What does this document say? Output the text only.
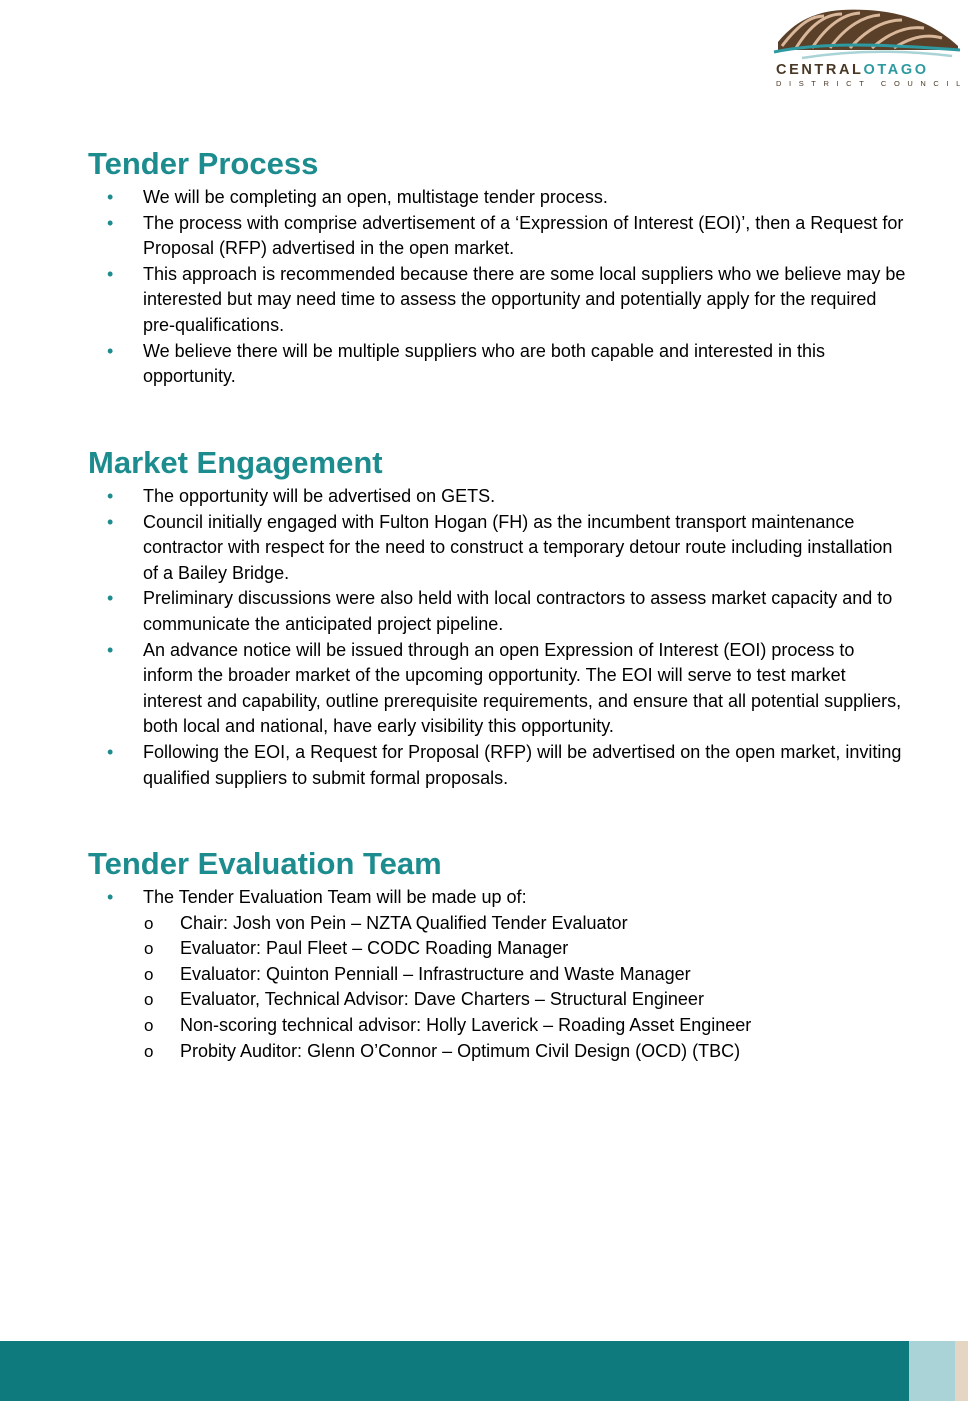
CENTRALOTAGO
DISTRICT COUNCIL
Tender Process
• We will be completing an open, multistage tender process.
• The process with comprise advertisement of a ‘Expression of Interest (EOI)’, then a Request for Proposal (RFP) advertised in the open market.
• This approach is recommended because there are some local suppliers who we believe may be interested but may need time to assess the opportunity and potentially apply for the required pre-qualifications.
• We believe there will be multiple suppliers who are both capable and interested in this opportunity.
Market Engagement
• The opportunity will be advertised on GETS.
• Council initially engaged with Fulton Hogan (FH) as the incumbent transport maintenance contractor with respect for the need to construct a temporary detour route including installation of a Bailey Bridge.
• Preliminary discussions were also held with local contractors to assess market capacity and to communicate the anticipated project pipeline.
• An advance notice will be issued through an open Expression of Interest (EOI) process to inform the broader market of the upcoming opportunity. The EOI will serve to test market interest and capability, outline prerequisite requirements, and ensure that all potential suppliers, both local and national, have early visibility this opportunity.
• Following the EOI, a Request for Proposal (RFP) will be advertised on the open market, inviting qualified suppliers to submit formal proposals.
Tender Evaluation Team
• The Tender Evaluation Team will be made up of:
o Chair: Josh von Pein – NZTA Qualified Tender Evaluator
o Evaluator: Paul Fleet – CODC Roading Manager
o Evaluator: Quinton Penniall – Infrastructure and Waste Manager
o Evaluator, Technical Advisor: Dave Charters – Structural Engineer
o Non-scoring technical advisor: Holly Laverick – Roading Asset Engineer
o Probity Auditor: Glenn O’Connor – Optimum Civil Design (OCD) (TBC)
